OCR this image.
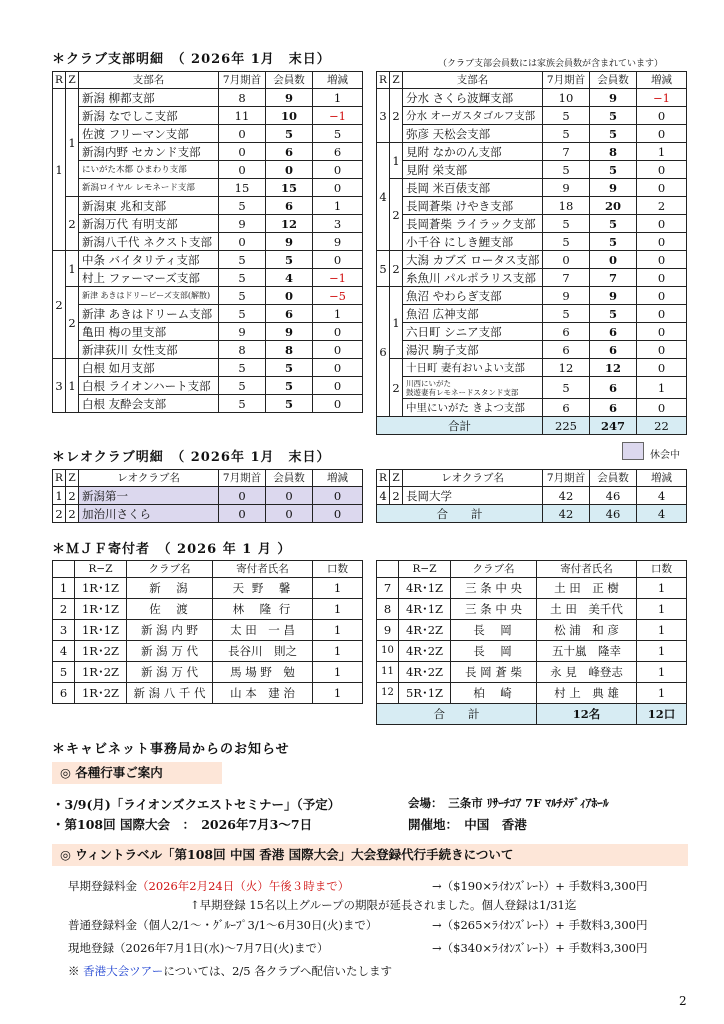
＊クラブ支部明細　（ 2026年 1月　末日）	（クラブ支部会員数には家族会員数が含まれています）
R	Z	支部名	7月期首	会員数	増減
1	1	新潟 柳都支部	8	9	1
		新潟 なでしこ支部	11	10	−1
		佐渡 フリーマン支部	0	5	5
		新潟内野 セカンド支部	0	6	6
		にいがた木都 ひまわり支部	0	0	0
		新潟ロイヤル レモネード支部	15	15	0
	2	新潟東 兆和支部	5	6	1
		新潟万代 有明支部	9	12	3
		新潟八千代 ネクスト支部	0	9	9
2	1	中条 バイタリティ支部	5	5	0
		村上 ファーマーズ支部	5	4	−1
	2	新津 あきはドリービーズ支部(解散)	5	0	−5
		新津 あきはドリーム支部	5	6	1
		亀田 梅の里支部	9	9	0
		新津荻川 女性支部	8	8	0
3	1	白根 如月支部	5	5	0
		白根 ライオンハート支部	5	5	0
		白根 友酔会支部	5	5	0
R	Z	支部名	7月期首	会員数	増減
3	2	分水 さくら波輝支部	10	9	−1
		分水 オーガスタゴルフ支部	5	5	0
		弥彦 天松会支部	5	5	0
4	1	見附 なかのん支部	7	8	1
		見附 栄支部	5	5	0
	2	長岡 米百俵支部	9	9	0
		長岡蒼柴 けやき支部	18	20	2
		長岡蒼柴 ライラック支部	5	5	0
		小千谷 にしき鯉支部	5	5	0
5	2	大潟 カブズ ロータス支部	0	0	0
		糸魚川 パルポラリス支部	7	7	0
6	1	魚沼 やわらぎ支部	9	9	0
		魚沼 広神支部	5	5	0
		六日町 シニア支部	6	6	0
		湯沢 駒子支部	6	6	0
	2	十日町 妻有おいよい支部	12	12	0
		川西にいがた
鼓遊妻有レモネードスタンド支部	5	6	1
		中里にいがた きよつ支部	6	6	0
合計			225	247	22
＊レオクラブ明細　（ 2026年 1月　末日）	休会中
R	Z	レオクラブ名	7月期首	会員数	増減
1	2	新潟第一	0	0	0
2	2	加治川さくら	0	0	0
R	Z	レオクラブ名	7月期首	会員数	増減
4	2	長岡大学	42	46	4
合　　計			42	46	4
＊ＭＪＦ寄付者　（ 2026 年 1 月 ）
	R−Z	クラブ名	寄付者氏名	口数
1	1R･1Z	新　潟	天 野　馨	1
2	1R･1Z	佐　渡	林　隆 行	1
3	1R･1Z	新 潟 内 野	太 田　一 昌	1
4	1R･2Z	新 潟 万 代	長谷川　則之	1
5	1R･2Z	新 潟 万 代	馬 場 野　勉	1
6	1R･2Z	新 潟 八 千 代	山 本　建 治	1
	R−Z	クラブ名	寄付者氏名	口数
7	4R･1Z	三 条 中 央	土 田　正 樹	1
8	4R･1Z	三 条 中 央	土 田　美千代	1
9	4R･2Z	長　岡	松 浦　和 彦	1
10	4R･2Z	長　岡	五十嵐　隆幸	1
11	4R･2Z	長 岡 蒼 柴	永 見　峰登志	1
12	5R･1Z	柏　崎	村 上　典 雄	1
合　　計			12名	12口
＊キャビネット事務局からのお知らせ
◎ 各種行事ご案内
・3/9(月)「ライオンズクエストセミナー」（予定）	会場：　三条市 ﾘｻｰﾁｺｱ 7F ﾏﾙﾁﾒﾃﾞｨｱﾎｰﾙ
・第108回 国際大会　：　2026年7月3〜7日	開催地：　中国　香港
◎ ウィントラベル「第108回 中国 香港 国際大会」大会登録代行手続きについて
早期登録料金（2026年2月24日（火）午後３時まで）	→（$190×ﾗｲｵﾝｽﾞﾚｰﾄ）+ 手数料3,300円
↑早期登録 15名以上グループの期限が延長されました。個人登録は1/31迄
普通登録料金（個人2/1〜・ｸﾞﾙｰﾌﾟ3/1〜6月30日(火)まで）	→（$265×ﾗｲｵﾝｽﾞﾚｰﾄ）+ 手数料3,300円
現地登録（2026年7月1日(水)〜7月7日(火)まで）	→（$340×ﾗｲｵﾝｽﾞﾚｰﾄ）+ 手数料3,300円
※ 香港大会ツアーについては、2/5 各クラブへ配信いたします
2
